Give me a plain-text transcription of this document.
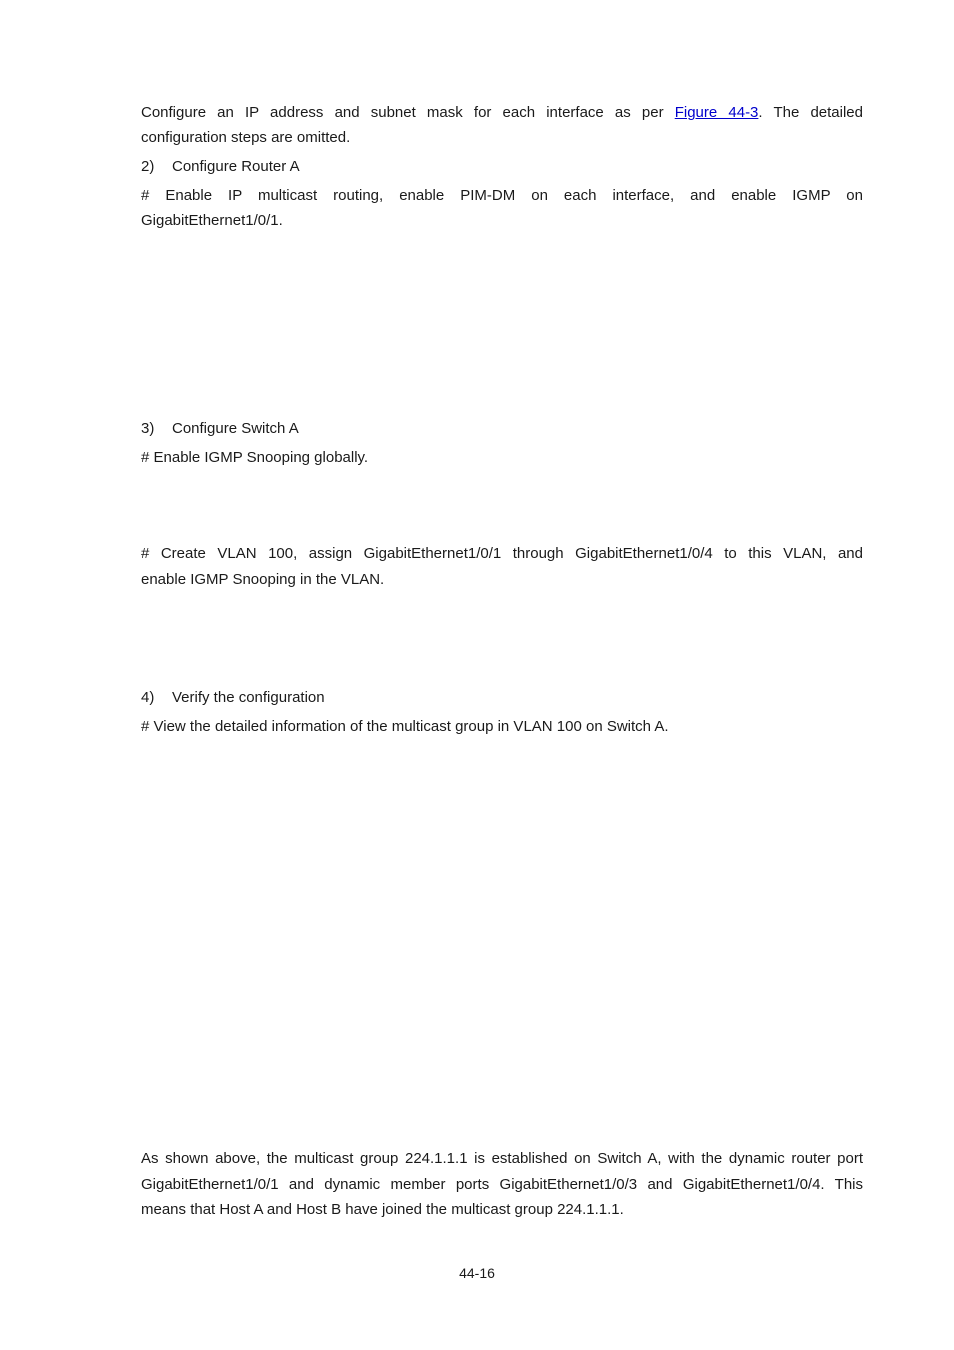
Configure an IP address and subnet mask for each interface as per Figure 44-3. The detailed

configuration steps are omitted.

2) Configure Router A

# Enable IP multicast routing, enable PIM-DM on each interface, and enable IGMP on

GigabitEthernet1/0/1.

3) Configure Switch A

# Enable IGMP Snooping globally.

# Create VLAN 100, assign GigabitEthernet1/0/1 through GigabitEthernet1/0/4 to this VLAN, and

enable IGMP Snooping in the VLAN.

4) Verify the configuration

# View the detailed information of the multicast group in VLAN 100 on Switch A.

As shown above, the multicast group 224.1.1.1 is established on Switch A, with the dynamic router port

GigabitEthernet1/0/1 and dynamic member ports GigabitEthernet1/0/3 and GigabitEthernet1/0/4. This

means that Host A and Host B have joined the multicast group 224.1.1.1.

44-16
